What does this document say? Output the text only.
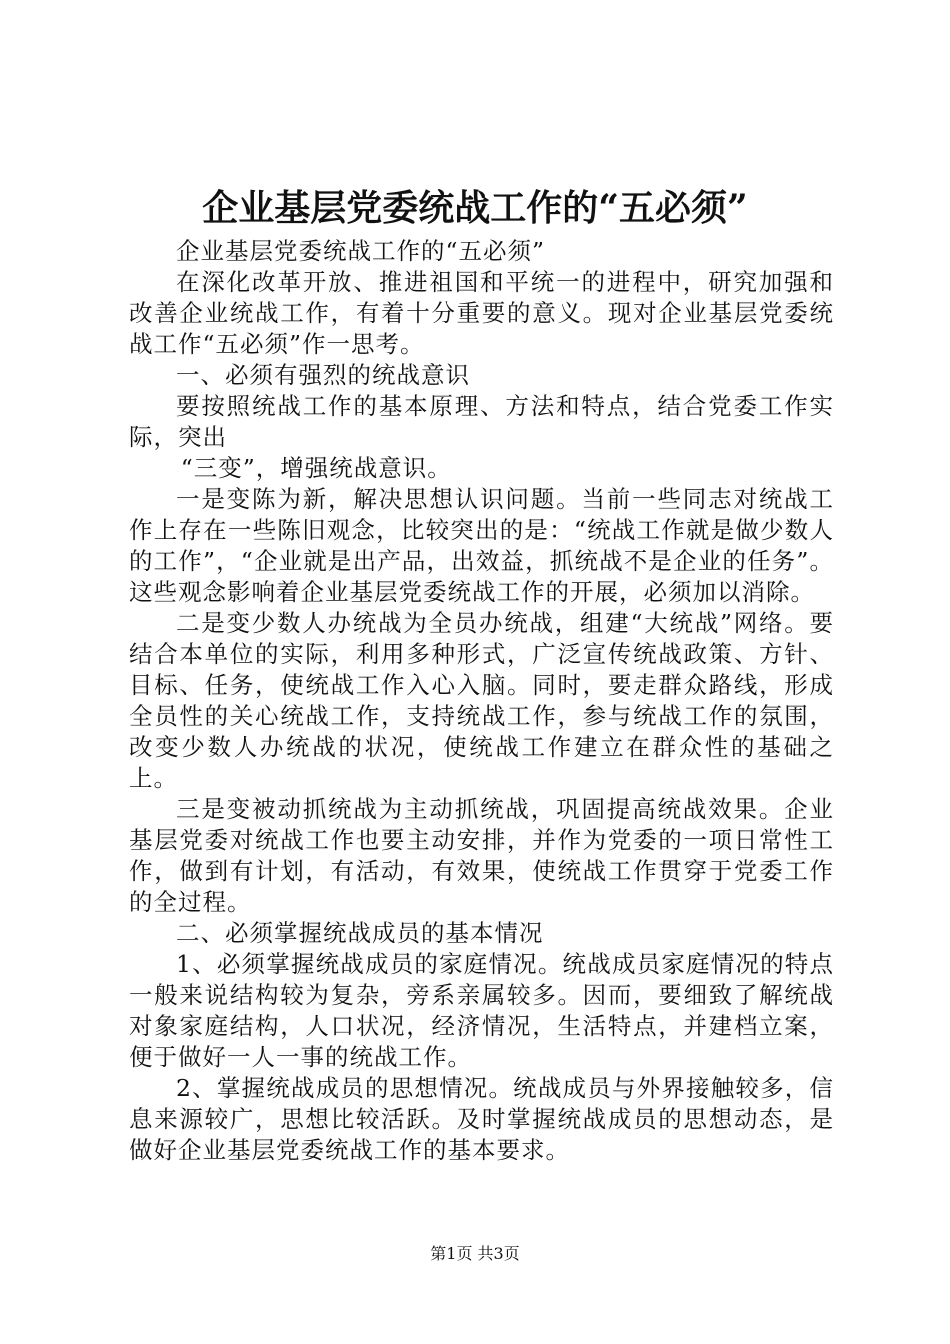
企业基层党委统战工作的“五必须”

企业基层党委统战工作的“五必须”

在深化改革开放、推进祖国和平统一的进程中，研究加强和改善企业统战工作，有着十分重要的意义。现对企业基层党委统战工作“五必须”作一思考。

一、必须有强烈的统战意识

要按照统战工作的基本原理、方法和特点，结合党委工作实际，突出

“三变”，增强统战意识。

一是变陈为新，解决思想认识问题。当前一些同志对统战工作上存在一些陈旧观念，比较突出的是：“统战工作就是做少数人的工作”，“企业就是出产品，出效益，抓统战不是企业的任务”。这些观念影响着企业基层党委统战工作的开展，必须加以消除。

二是变少数人办统战为全员办统战，组建“大统战”网络。要结合本单位的实际，利用多种形式，广泛宣传统战政策、方针、目标、任务，使统战工作入心入脑。同时，要走群众路线，形成全员性的关心统战工作，支持统战工作，参与统战工作的氛围，改变少数人办统战的状况，使统战工作建立在群众性的基础之上。

三是变被动抓统战为主动抓统战，巩固提高统战效果。企业基层党委对统战工作也要主动安排，并作为党委的一项日常性工作，做到有计划，有活动，有效果，使统战工作贯穿于党委工作的全过程。

二、必须掌握统战成员的基本情况

1、必须掌握统战成员的家庭情况。统战成员家庭情况的特点一般来说结构较为复杂，旁系亲属较多。因而，要细致了解统战对象家庭结构，人口状况，经济情况，生活特点，并建档立案，便于做好一人一事的统战工作。

2、掌握统战成员的思想情况。统战成员与外界接触较多，信息来源较广，思想比较活跃。及时掌握统战成员的思想动态，是做好企业基层党委统战工作的基本要求。

第1页 共3页
